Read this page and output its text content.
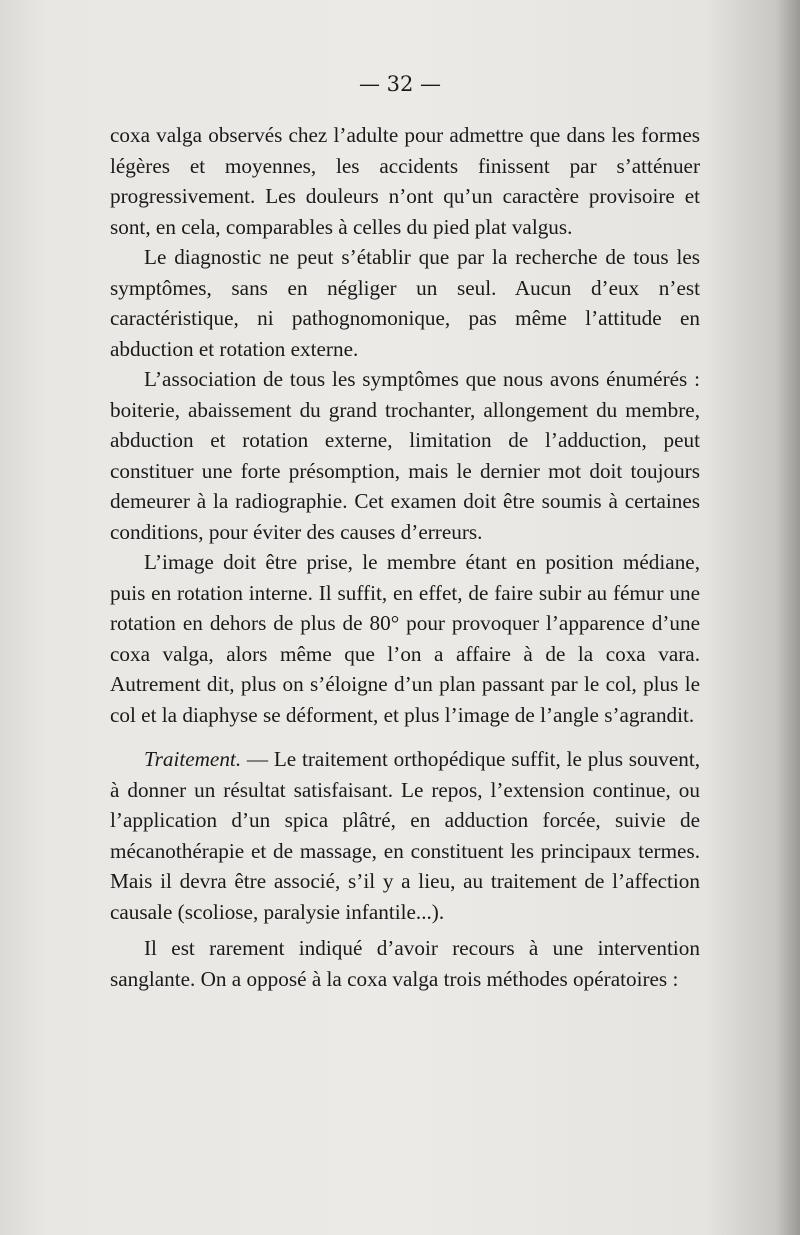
— 32 —

coxa valga observés chez l’adulte pour admettre que dans les formes légères et moyennes, les accidents finissent par s’atténuer progressivement. Les douleurs n’ont qu’un caractère provisoire et sont, en cela, comparables à celles du pied plat valgus.

Le diagnostic ne peut s’établir que par la recherche de tous les symptômes, sans en négliger un seul. Aucun d’eux n’est caractéristique, ni pathognomonique, pas même l’attitude en abduction et rotation externe.

L’association de tous les symptômes que nous avons énumérés : boiterie, abaissement du grand trochanter, allongement du membre, abduction et rotation externe, limitation de l’adduction, peut constituer une forte présomption, mais le dernier mot doit toujours demeurer à la radiographie. Cet examen doit être soumis à certaines conditions, pour éviter des causes d’erreurs.

L’image doit être prise, le membre étant en position médiane, puis en rotation interne. Il suffit, en effet, de faire subir au fémur une rotation en dehors de plus de 80° pour provoquer l’apparence d’une coxa valga, alors même que l’on a affaire à de la coxa vara. Autrement dit, plus on s’éloigne d’un plan passant par le col, plus le col et la diaphyse se déforment, et plus l’image de l’angle s’agrandit.

Traitement. — Le traitement orthopédique suffit, le plus souvent, à donner un résultat satisfaisant. Le repos, l’extension continue, ou l’application d’un spica plâtré, en adduction forcée, suivie de mécanothérapie et de massage, en constituent les principaux termes. Mais il devra être associé, s’il y a lieu, au traitement de l’affection causale (scoliose, paralysie infantile...).

Il est rarement indiqué d’avoir recours à une intervention sanglante. On a opposé à la coxa valga trois méthodes opératoires :
